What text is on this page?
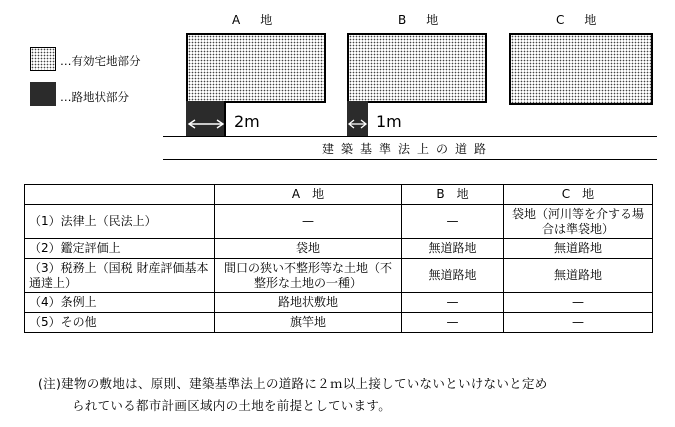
A　地	B　地	C　地
…有効宅地部分
…路地状部分
2m	1m
建築基準法上の道路
	A　地	B　地	C　地
（1）法律上（民法上）	—	—	袋地（河川等を介する場合は準袋地）
（2）鑑定評価上	袋地	無道路地	無道路地
（3）税務上（国税 財産評価基本通達上）	間口の狭い不整形等な土地（不整形な土地の一種）	無道路地	無道路地
（4）条例上	路地状敷地	—	—
（5）その他	旗竿地	—	—
(注)建物の敷地は、原則、建築基準法上の道路に２ｍ以上接していないといけないと定め
られている都市計画区域内の土地を前提としています。
